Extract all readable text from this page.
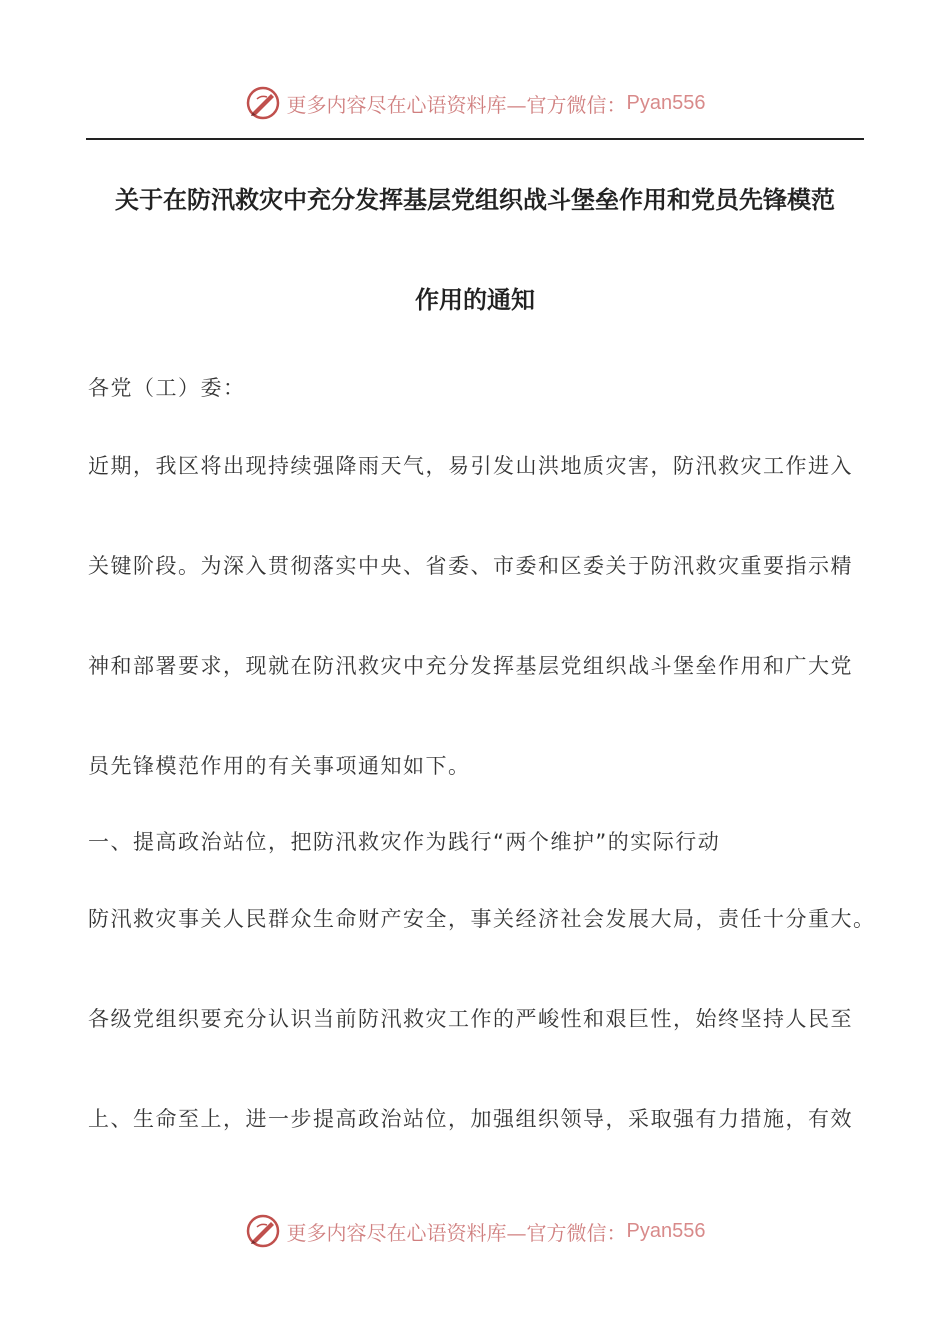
更多内容尽在心语资料库—官方微信： Pyan556
关于在防汛救灾中充分发挥基层党组织战斗堡垒作用和党员先锋模范
作用的通知
各党（工）委：
近期，我区将出现持续强降雨天气，易引发山洪地质灾害，防汛救灾工作进入
关键阶段。为深入贯彻落实中央、省委、市委和区委关于防汛救灾重要指示精
神和部署要求，现就在防汛救灾中充分发挥基层党组织战斗堡垒作用和广大党
员先锋模范作用的有关事项通知如下。
一、提高政治站位，把防汛救灾作为践行“两个维护”的实际行动
防汛救灾事关人民群众生命财产安全，事关经济社会发展大局，责任十分重大。
各级党组织要充分认识当前防汛救灾工作的严峻性和艰巨性，始终坚持人民至
上、生命至上，进一步提高政治站位，加强组织领导，采取强有力措施，有效
更多内容尽在心语资料库—官方微信： Pyan556
